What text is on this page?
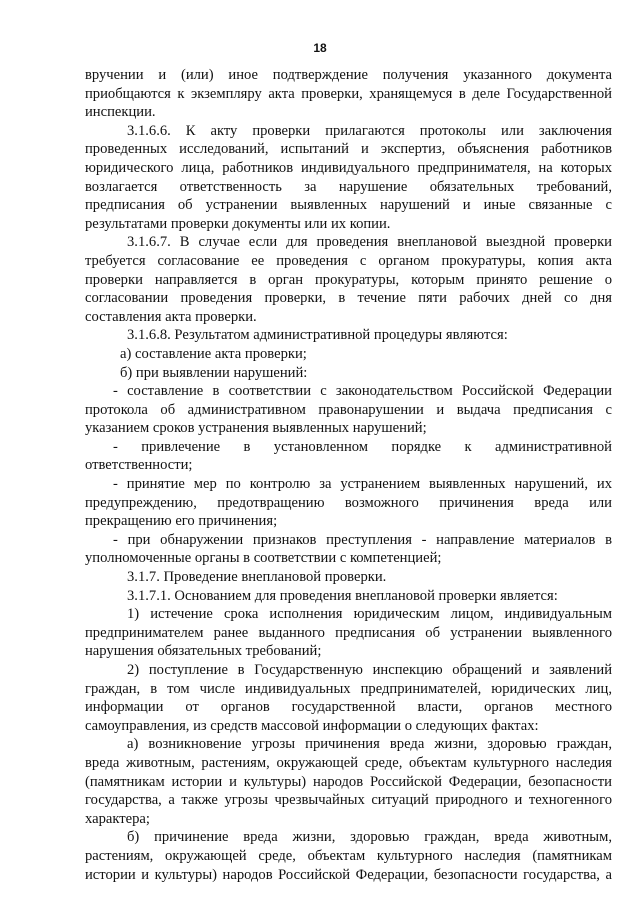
18
вручении и (или) иное подтверждение получения указанного документа
приобщаются к экземпляру акта проверки, хранящемуся в деле Государственной
инспекции.
3.1.6.6. К акту проверки прилагаются протоколы или заключения
проведенных исследований, испытаний и экспертиз, объяснения работников
юридического лица, работников индивидуального предпринимателя, на которых
возлагается ответственность за нарушение обязательных требований,
предписания об устранении выявленных нарушений и иные связанные с
результатами проверки документы или их копии.
3.1.6.7. В случае если для проведения внеплановой выездной проверки
требуется согласование ее проведения с органом прокуратуры, копия акта
проверки направляется в орган прокуратуры, которым принято решение о
согласовании проведения проверки, в течение пяти рабочих дней со дня
составления акта проверки.
3.1.6.8. Результатом административной процедуры являются:
а) составление акта проверки;
б) при выявлении нарушений:
- составление в соответствии с законодательством Российской Федерации
протокола об административном правонарушении и выдача предписания с
указанием сроков устранения выявленных нарушений;
- привлечение в установленном порядке к административной
ответственности;
- принятие мер по контролю за устранением выявленных нарушений, их
предупреждению, предотвращению возможного причинения вреда или
прекращению его причинения;
- при обнаружении признаков преступления - направление материалов в
уполномоченные органы в соответствии с компетенцией;
3.1.7. Проведение внеплановой проверки.
3.1.7.1. Основанием для проведения внеплановой проверки является:
1) истечение срока исполнения юридическим лицом, индивидуальным
предпринимателем ранее выданного предписания об устранении выявленного
нарушения обязательных требований;
2) поступление в Государственную инспекцию обращений и заявлений
граждан, в том числе индивидуальных предпринимателей, юридических лиц,
информации от органов государственной власти, органов местного
самоуправления, из средств массовой информации о следующих фактах:
а) возникновение угрозы причинения вреда жизни, здоровью граждан,
вреда животным, растениям, окружающей среде, объектам культурного наследия
(памятникам истории и культуры) народов Российской Федерации, безопасности
государства, а также угрозы чрезвычайных ситуаций природного и техногенного
характера;
б) причинение вреда жизни, здоровью граждан, вреда животным,
растениям, окружающей среде, объектам культурного наследия (памятникам
истории и культуры) народов Российской Федерации, безопасности государства, а
